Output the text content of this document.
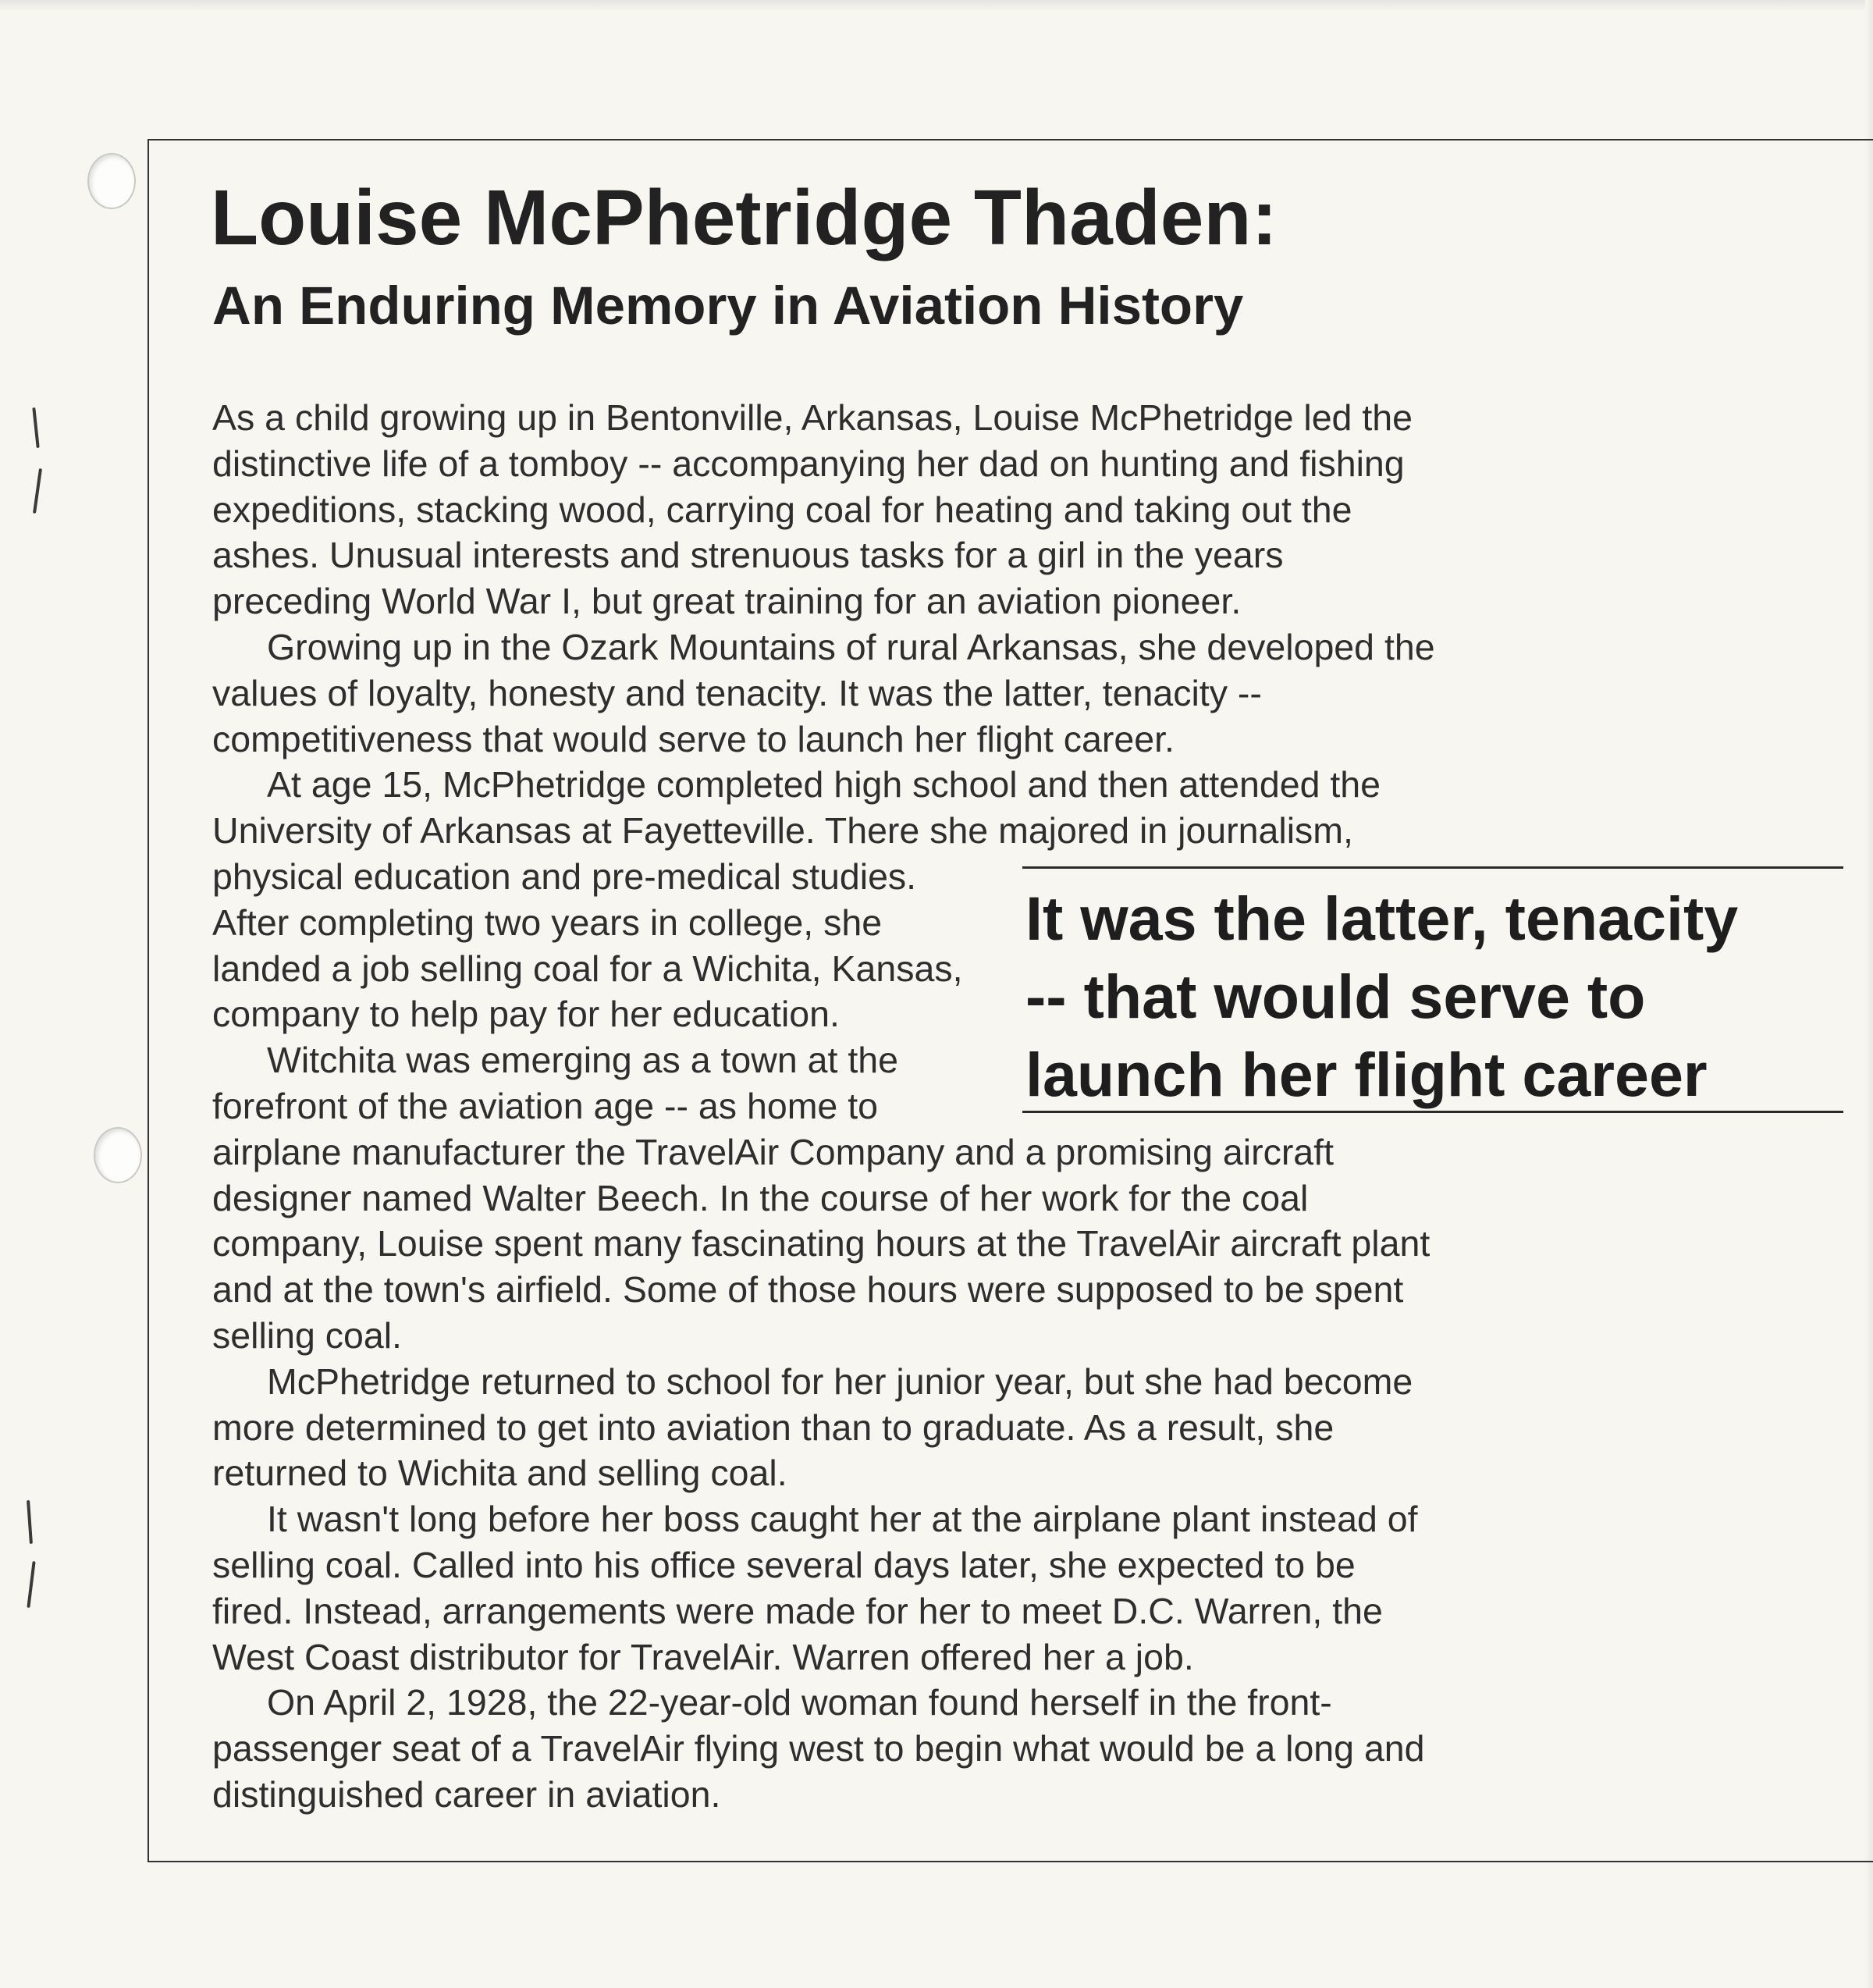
Louise McPhetridge Thaden:
An Enduring Memory in Aviation History

As a child growing up in Bentonville, Arkansas, Louise McPhetridge led the
distinctive life of a tomboy -- accompanying her dad on hunting and fishing
expeditions, stacking wood, carrying coal for heating and taking out the
ashes. Unusual interests and strenuous tasks for a girl in the years
preceding World War I, but great training for an aviation pioneer.

Growing up in the Ozark Mountains of rural Arkansas, she developed the
values of loyalty, honesty and tenacity. It was the latter, tenacity --
competitiveness that would serve to launch her flight career.

At age 15, McPhetridge completed high school and then attended the
University of Arkansas at Fayetteville. There she majored in journalism,
physical education and pre-medical studies.
After completing two years in college, she
landed a job selling coal for a Wichita, Kansas,
company to help pay for her education.

Witchita was emerging as a town at the
forefront of the aviation age -- as home to
airplane manufacturer the TravelAir Company and a promising aircraft
designer named Walter Beech. In the course of her work for the coal
company, Louise spent many fascinating hours at the TravelAir aircraft plant
and at the town's airfield. Some of those hours were supposed to be spent
selling coal.

McPhetridge returned to school for her junior year, but she had become
more determined to get into aviation than to graduate. As a result, she
returned to Wichita and selling coal.

It wasn't long before her boss caught her at the airplane plant instead of
selling coal. Called into his office several days later, she expected to be
fired. Instead, arrangements were made for her to meet D.C. Warren, the
West Coast distributor for TravelAir. Warren offered her a job.

On April 2, 1928, the 22-year-old woman found herself in the front-
passenger seat of a TravelAir flying west to begin what would be a long and
distinguished career in aviation.

It was the latter, tenacity
-- that would serve to
launch her flight career
